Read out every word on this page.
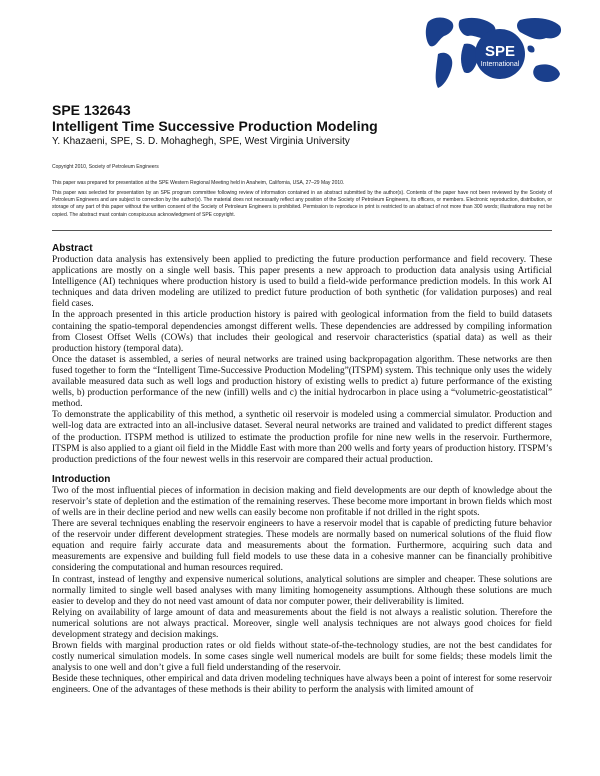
SPE
International
SPE 132643
Intelligent Time Successive Production Modeling

Y. Khazaeni, SPE, S. D. Mohaghegh, SPE, West Virginia University

Copyright 2010, Society of Petroleum Engineers

This paper was prepared for presentation at the SPE Western Regional Meeting held in Anaheim, California, USA, 27–29 May 2010.

This paper was selected for presentation by an SPE program committee following review of information contained in an abstract submitted by the author(s). Contents of the paper have not been reviewed by the Society of Petroleum Engineers and are subject to correction by the author(s). The material does not necessarily reflect any position of the Society of Petroleum Engineers, its officers, or members. Electronic reproduction, distribution, or storage of any part of this paper without the written consent of the Society of Petroleum Engineers is prohibited. Permission to reproduce in print is restricted to an abstract of not more than 300 words; illustrations may not be copied. The abstract must contain conspicuous acknowledgment of SPE copyright.

Abstract

Production data analysis has extensively been applied to predicting the future production performance and field recovery. These applications are mostly on a single well basis. This paper presents a new approach to production data analysis using Artificial Intelligence (AI) techniques where production history is used to build a field-wide performance prediction models. In this work AI techniques and data driven modeling are utilized to predict future production of both synthetic (for validation purposes) and real field cases.

In the approach presented in this article production history is paired with geological information from the field to build datasets containing the spatio-temporal dependencies amongst different wells. These dependencies are addressed by compiling information from Closest Offset Wells (COWs) that includes their geological and reservoir characteristics (spatial data) as well as their production history (temporal data).

Once the dataset is assembled, a series of neural networks are trained using backpropagation algorithm. These networks are then fused together to form the “Intelligent Time-Successive Production Modeling”(ITSPM) system. This technique only uses the widely available measured data such as well logs and production history of existing wells to predict a) future performance of the existing wells, b) production performance of the new (infill) wells and c) the initial hydrocarbon in place using a “volumetric-geostatistical” method.

To demonstrate the applicability of this method, a synthetic oil reservoir is modeled using a commercial simulator. Production and well-log data are extracted into an all-inclusive dataset. Several neural networks are trained and validated to predict different stages of the production. ITSPM method is utilized to estimate the production profile for nine new wells in the reservoir. Furthermore, ITSPM is also applied to a giant oil field in the Middle East with more than 200 wells and forty years of production history. ITSPM’s production predictions of the four newest wells in this reservoir are compared their actual production.

Introduction

Two of the most influential pieces of information in decision making and field developments are our depth of knowledge about the reservoir’s state of depletion and the estimation of the remaining reserves. These become more important in brown fields which most of wells are in their decline period and new wells can easily become non profitable if not drilled in the right spots.

There are several techniques enabling the reservoir engineers to have a reservoir model that is capable of predicting future behavior of the reservoir under different development strategies. These models are normally based on numerical solutions of the fluid flow equation and require fairly accurate data and measurements about the formation. Furthermore, acquiring such data and measurements are expensive and building full field models to use these data in a cohesive manner can be financially prohibitive considering the computational and human resources required.

In contrast, instead of lengthy and expensive numerical solutions, analytical solutions are simpler and cheaper. These solutions are normally limited to single well based analyses with many limiting homogeneity assumptions. Although these solutions are much easier to develop and they do not need vast amount of data nor computer power, their deliverability is limited.

Relying on availability of large amount of data and measurements about the field is not always a realistic solution. Therefore the numerical solutions are not always practical. Moreover, single well analysis techniques are not always good choices for field development strategy and decision makings.

Brown fields with marginal production rates or old fields without state-of-the-technology studies, are not the best candidates for costly numerical simulation models. In some cases single well numerical models are built for some fields; these models limit the analysis to one well and don’t give a full field understanding of the reservoir.

Beside these techniques, other empirical and data driven modeling techniques have always been a point of interest for some reservoir engineers. One of the advantages of these methods is their ability to perform the analysis with limited amount of
